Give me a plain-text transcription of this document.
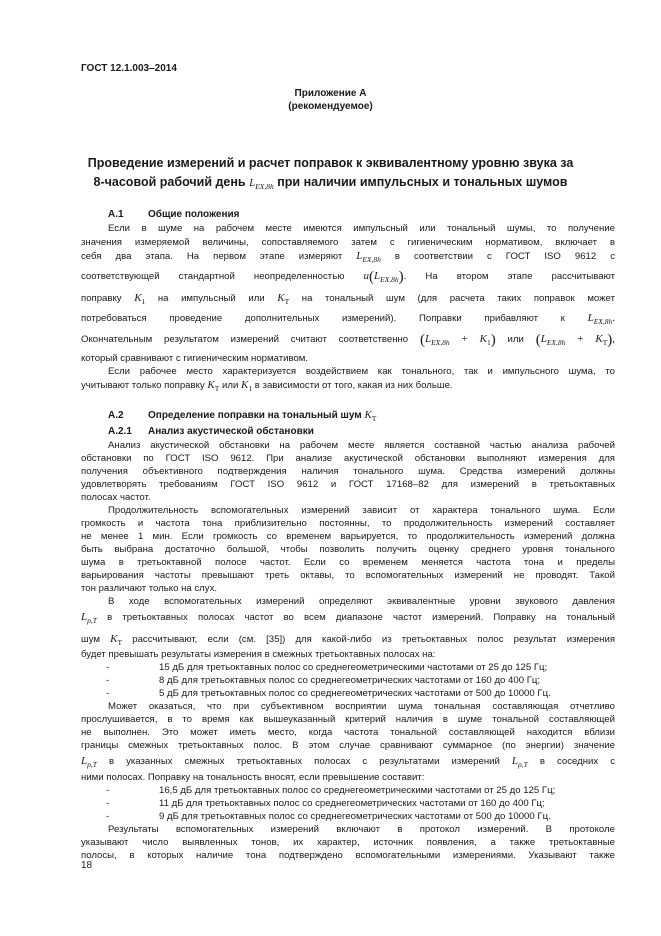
ГОСТ 12.1.003–2014
Приложение А
(рекомендуемое)
Проведение измерений и расчет поправок к эквивалентному уровню звука за
8-часовой рабочий день $L_{EX,8h}$ при наличии импульсных и тональных шумов
А.1 Общие положения
Если в шуме на рабочем месте имеются импульсный или тональный шумы, то получение
значения измеряемой величины, сопоставляемого затем с гигиеническим нормативом, включает в
себя два этапа. На первом этапе измеряют $L_{EX,8h}$ в соответствии с ГОСТ ISO 9612 с
соответствующей стандартной неопределенностью $u(L_{EX,8h})$. На втором этапе рассчитывают
поправку $K_1$ на импульсный или $K_Т$ на тональный шум (для расчета таких поправок может
потребоваться проведение дополнительных измерений). Поправки прибавляют к $L_{EX,8h}$.
Окончательным результатом измерений считают соответственно $(L_{EX,8h} + K_1)$ или $(L_{EX,8h} + K_Т)$,
который сравнивают с гигиеническим нормативом.
Если рабочее место характеризуется воздействием как тонального, так и импульсного шума, то
учитывают только поправку $K_Т$ или $K_1$ в зависимости от того, какая из них больше.
А.2 Определение поправки на тональный шум $K_Т$
А.2.1 Анализ акустической обстановки
Анализ акустической обстановки на рабочем месте является составной частью анализа рабочей
обстановки по ГОСТ ISO 9612. При анализе акустической обстановки выполняют измерения для
получения объективного подтверждения наличия тонального шума. Средства измерений должны
удовлетворять требованиям ГОСТ ISO 9612 и ГОСТ 17168–82 для измерений в третьоктавных
полосах частот.
Продолжительность вспомогательных измерений зависит от характера тонального шума. Если
громкость и частота тона приблизительно постоянны, то продолжительность измерений составляет
не менее 1 мин. Если громкость со временем варьируется, то продолжительность измерений должна
быть выбрана достаточно большой, чтобы позволить получить оценку среднего уровня тонального
шума в третьоктавной полосе частот. Если со временем меняется частота тона и пределы
варьирования частоты превышают треть октавы, то вспомогательных измерений не проводят. Такой
тон различают только на слух.
В ходе вспомогательных измерений определяют эквивалентные уровни звукового давления
$L_{p,T}$ в третьоктавных полосах частот во всем диапазоне частот измерений. Поправку на тональный
шум $K_Т$ рассчитывают, если (см. [35]) для какой-либо из третьоктавных полос результат измерения
будет превышать результаты измерения в смежных третьоктавных полосах на:
-	15 дБ для третьоктавных полос со среднегеометрическими частотами от 25 до 125 Гц;
-	8 дБ для третьоктавных полос со среднегеометрических частотами от 160 до 400 Гц;
-	5 дБ для третьоктавных полос со среднегеометрических частотами от 500 до 10000 Гц.
Может оказаться, что при субъективном восприятии шума тональная составляющая отчетливо
прослушивается, в то время как вышеуказанный критерий наличия в шуме тональной составляющей
не выполнен. Это может иметь место, когда частота тональной составляющей находится вблизи
границы смежных третьоктавных полос. В этом случае сравнивают суммарное (по энергии) значение
$L_{p,T}$ в указанных смежных третьоктавных полосах с результатами измерений $L_{p,T}$ в соседних с
ними полосах. Поправку на тональность вносят, если превышение составит:
-	16,5 дБ для третьоктавных полос со среднегеометрическими частотами от 25 до 125 Гц;
-	11 дБ для третьоктавных полос со среднегеометрических частотами от 160 до 400 Гц;
-	9 дБ для третьоктавных полос со среднегеометрических частотами от 500 до 10000 Гц.
Результаты вспомогательных измерений включают в протокол измерений. В протоколе
указывают число выявленных тонов, их характер, источник появления, а также третьоктавные
полосы, в которых наличие тона подтверждено вспомогательными измерениями. Указывают также
18
